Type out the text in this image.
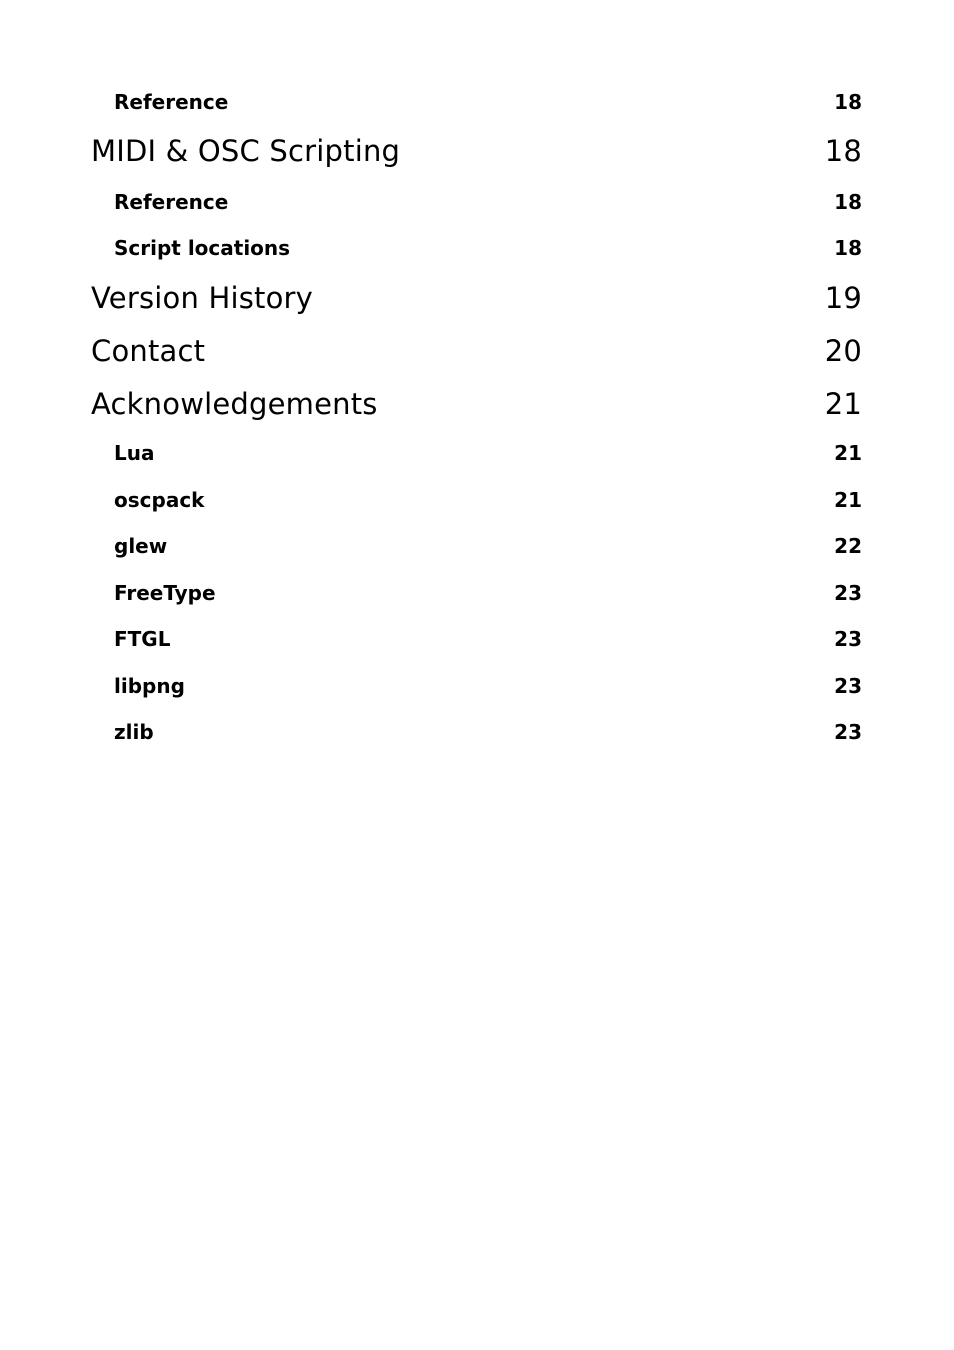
Reference	18
MIDI & OSC Scripting	18
Reference	18
Script locations	18
Version History	19
Contact	20
Acknowledgements	21
Lua	21
oscpack	21
glew	22
FreeType	23
FTGL	23
libpng	23
zlib	23
